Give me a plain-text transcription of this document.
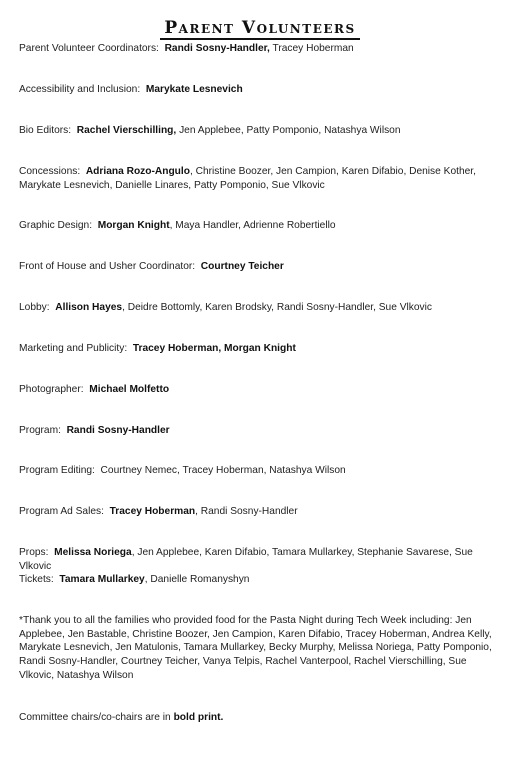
Parent Volunteers

Parent Volunteer Coordinators: Randi Sosny-Handler, Tracey Hoberman

Accessibility and Inclusion: Marykate Lesnevich

Bio Editors: Rachel Vierschilling, Jen Applebee, Patty Pomponio, Natashya Wilson

Concessions: Adriana Rozo-Angulo, Christine Boozer, Jen Campion, Karen Difabio, Denise Kother, Marykate Lesnevich, Danielle Linares, Patty Pomponio, Sue Vlkovic

Graphic Design: Morgan Knight, Maya Handler, Adrienne Robertiello

Front of House and Usher Coordinator: Courtney Teicher

Lobby: Allison Hayes, Deidre Bottomly, Karen Brodsky, Randi Sosny-Handler, Sue Vlkovic

Marketing and Publicity: Tracey Hoberman, Morgan Knight

Photographer: Michael Molfetto

Program: Randi Sosny-Handler

Program Editing: Courtney Nemec, Tracey Hoberman, Natashya Wilson

Program Ad Sales: Tracey Hoberman, Randi Sosny-Handler

Props: Melissa Noriega, Jen Applebee, Karen Difabio, Tamara Mullarkey, Stephanie Savarese, Sue Vlkovic

Tickets: Tamara Mullarkey, Danielle Romanyshyn

*Thank you to all the families who provided food for the Pasta Night during Tech Week including: Jen Applebee, Jen Bastable, Christine Boozer, Jen Campion, Karen Difabio, Tracey Hoberman, Andrea Kelly, Marykate Lesnevich, Jen Matulonis, Tamara Mullarkey, Becky Murphy, Melissa Noriega, Patty Pomponio, Randi Sosny-Handler, Courtney Teicher, Vanya Telpis, Rachel Vanterpool, Rachel Vierschilling, Sue Vlkovic, Natashya Wilson

Committee chairs/co-chairs are in bold print.
